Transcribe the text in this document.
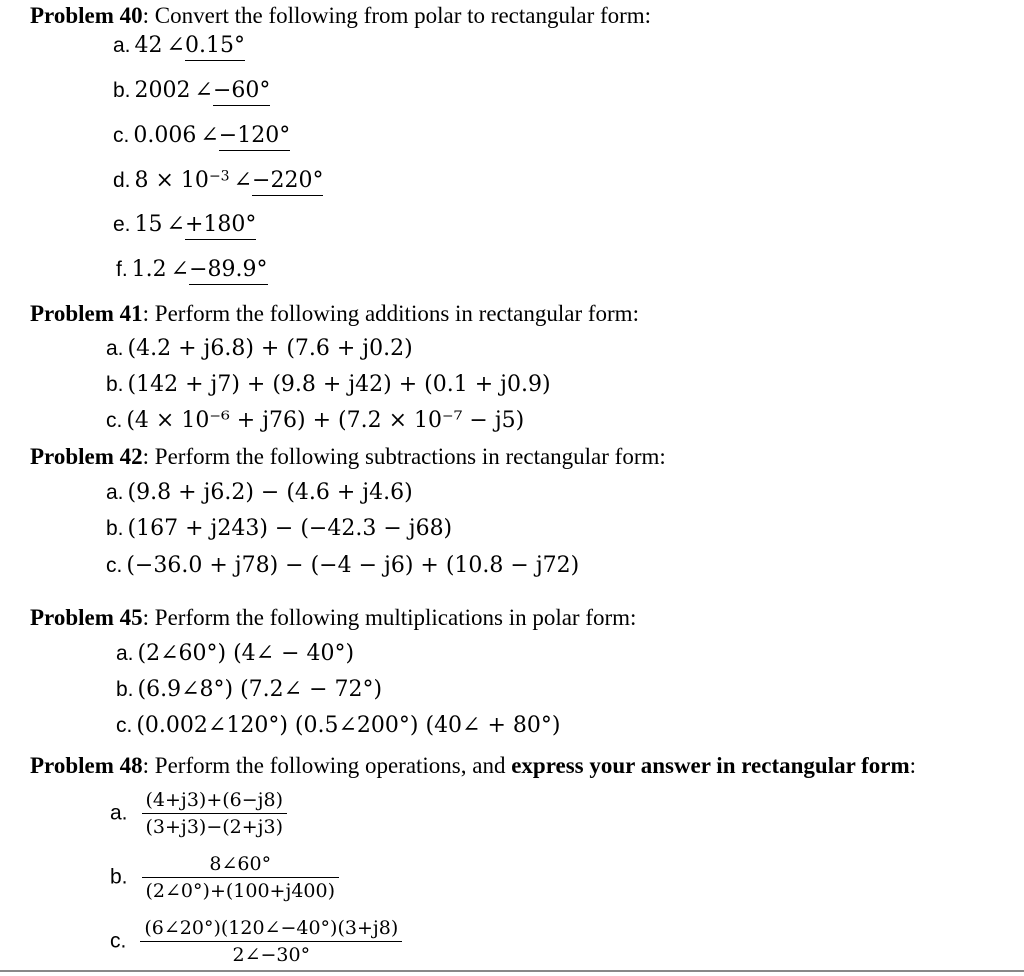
Problem 40: Convert the following from polar to rectangular form:
a. 42 ∠0.15°
b. 2002 ∠−60°
c. 0.006 ∠−120°
d. $8 \times 10^{-3}$ ∠−220°
e. 15 ∠+180°
f. 1.2 ∠−89.9°
Problem 41: Perform the following additions in rectangular form:
a. (4.2 + j6.8) + (7.6 + j0.2)
b. (142 + j7) + (9.8 + j42) + (0.1 + j0.9)
c. (4 × 10⁻⁶ + j76) + (7.2 × 10⁻⁷ − j5)
Problem 42: Perform the following subtractions in rectangular form:
a. (9.8 + j6.2) − (4.6 + j4.6)
b. (167 + j243) − (−42.3 − j68)
c. (−36.0 + j78) − (−4 − j6) + (10.8 − j72)
Problem 45: Perform the following multiplications in polar form:
a. (2∠60°) (4∠ − 40°)
b. (6.9∠8°) (7.2∠ − 72°)
c. (0.002∠120°) (0.5∠200°) (40∠ + 80°)
Problem 48: Perform the following operations, and express your answer in rectangular form:
a. $\frac{(4+j3)+(6-j8)}{(3+j3)-(2+j3)}$
b. $\frac{8\angle 60^\circ}{(2\angle 0^\circ)+(100+j400)}$
c. $\frac{(6\angle 20^\circ)(120\angle-40^\circ)(3+j8)}{2\angle-30^\circ}$
